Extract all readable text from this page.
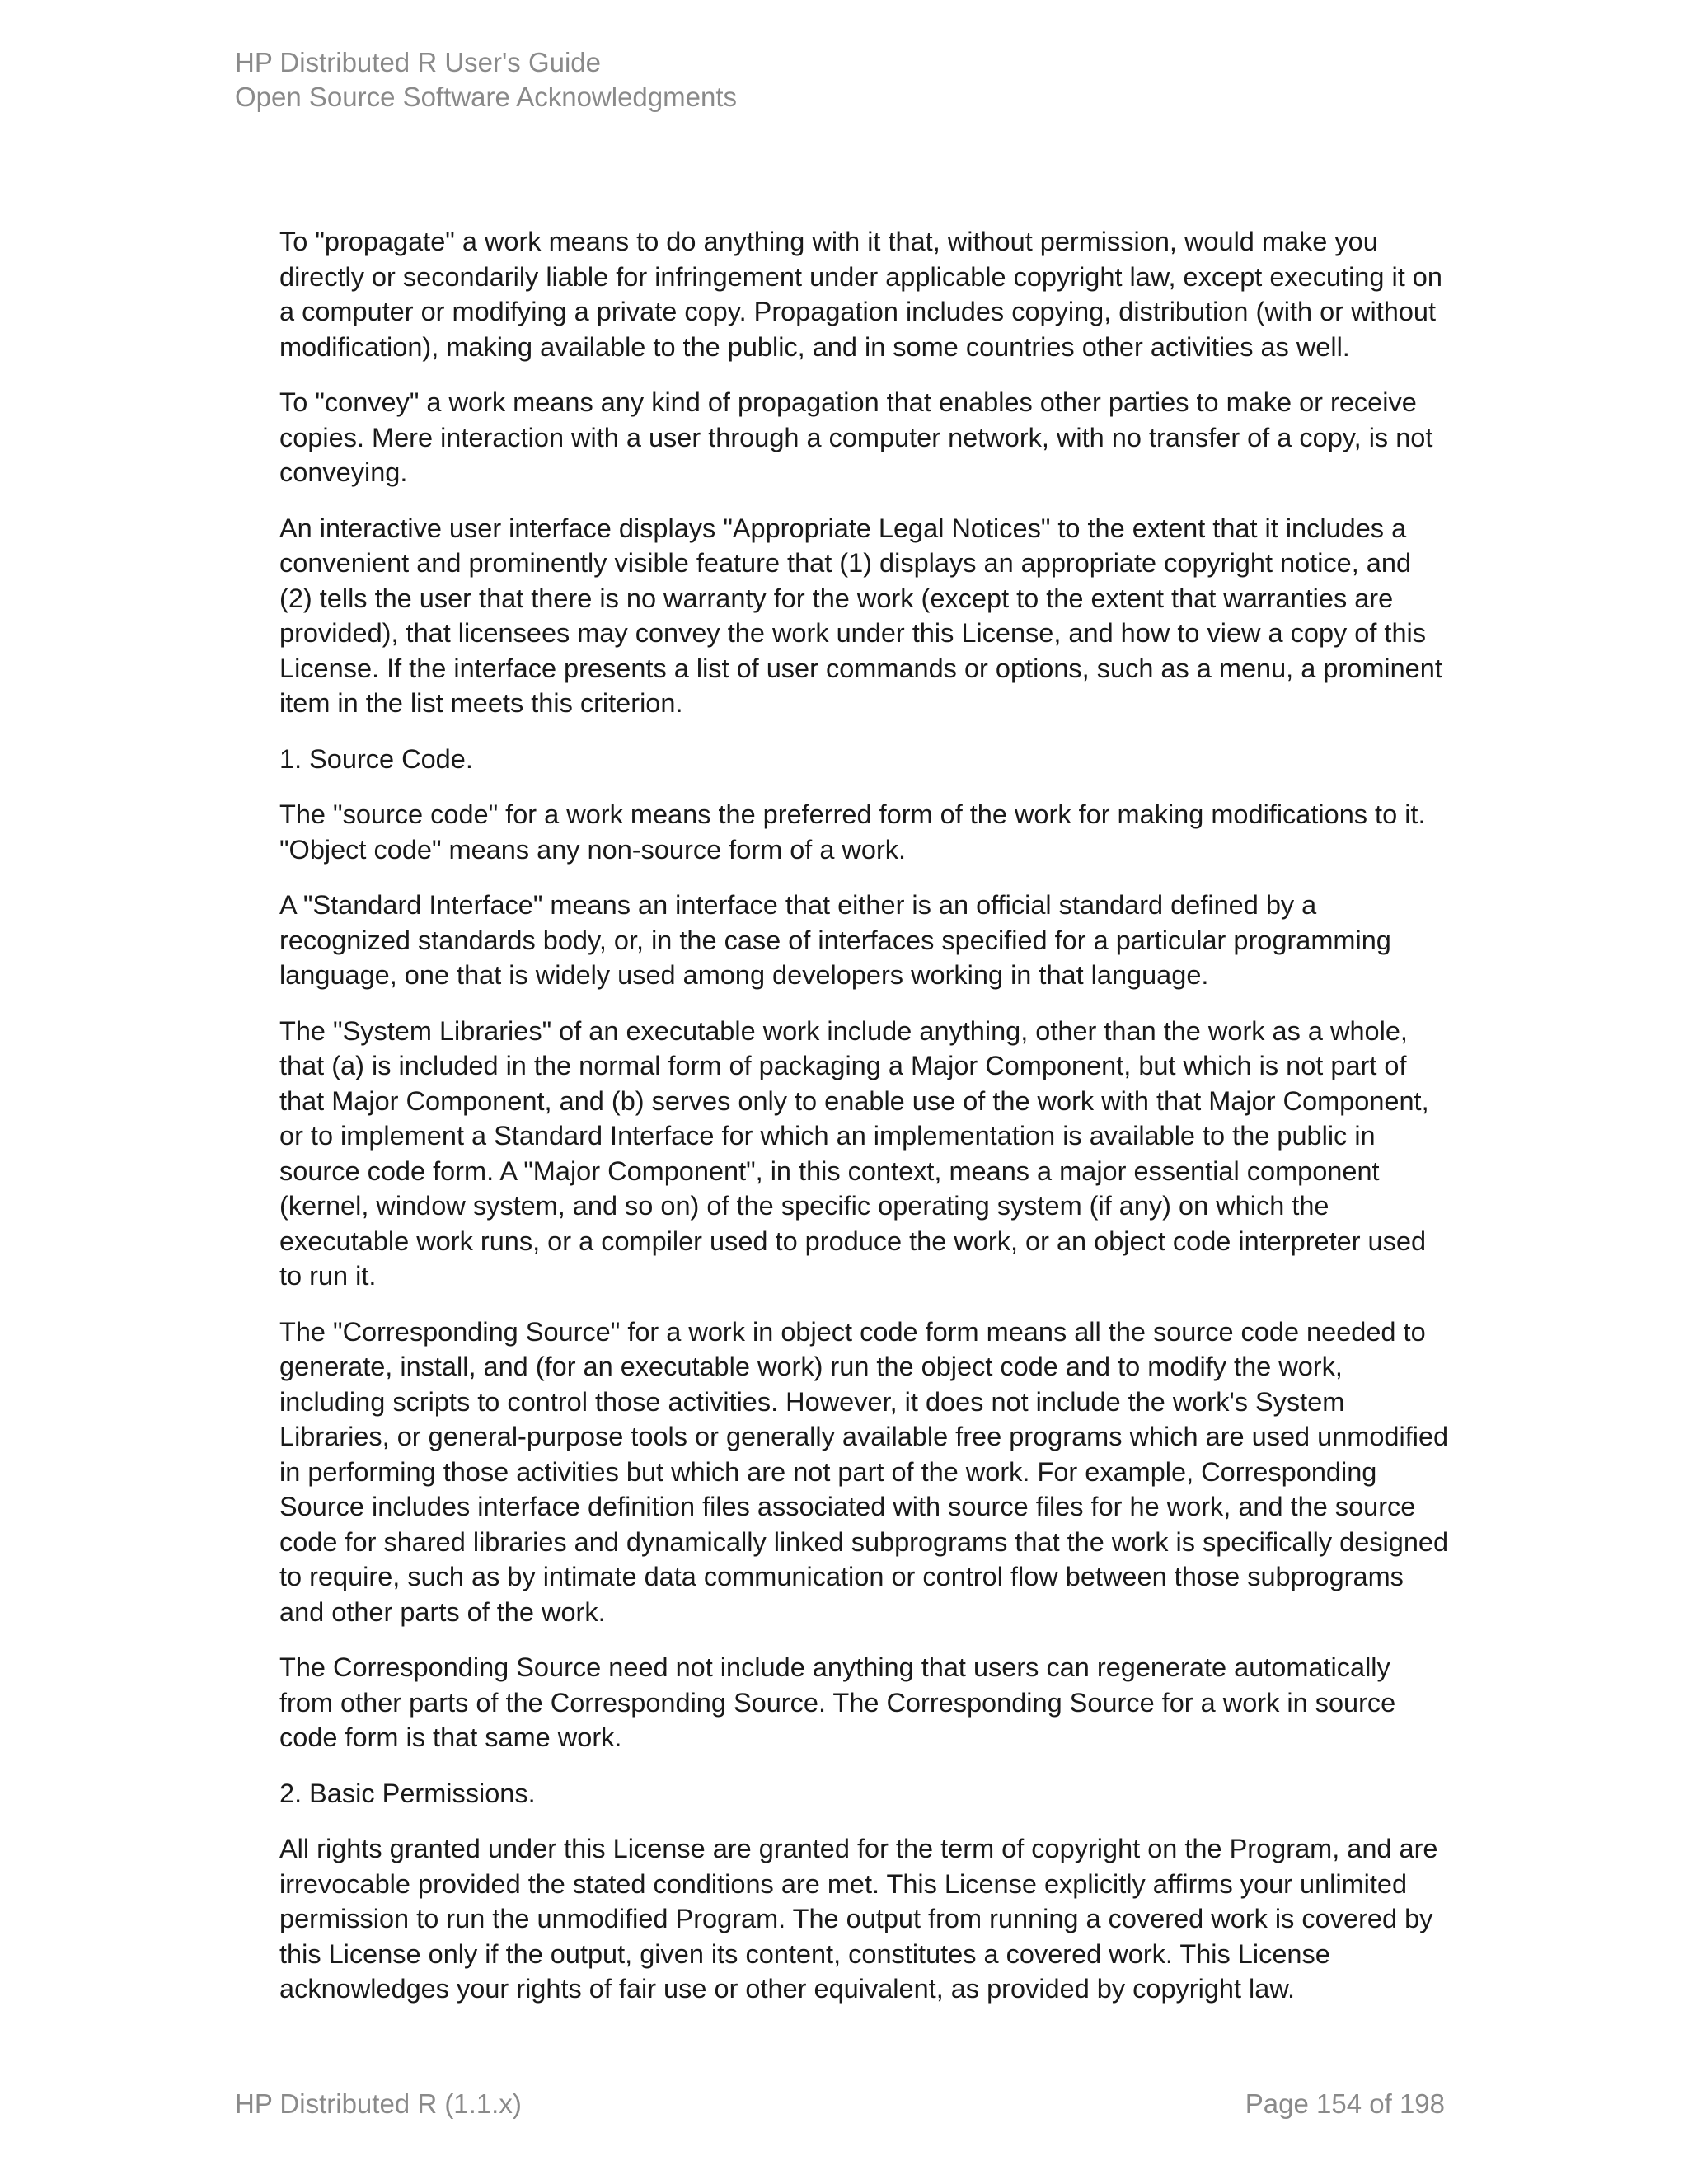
HP Distributed R User's Guide
Open Source Software Acknowledgments

To "propagate" a work means to do anything with it that, without permission, would make you directly or secondarily liable for infringement under applicable copyright law, except executing it on a computer or modifying a private copy. Propagation includes copying, distribution (with or without modification), making available to the public, and in some countries other activities as well.

To "convey" a work means any kind of propagation that enables other parties to make or receive copies. Mere interaction with a user through a computer network, with no transfer of a copy, is not conveying.

An interactive user interface displays "Appropriate Legal Notices" to the extent that it includes a convenient and prominently visible feature that (1) displays an appropriate copyright notice, and (2) tells the user that there is no warranty for the work (except to the extent that warranties are provided), that licensees may convey the work under this License, and how to view a copy of this License. If the interface presents a list of user commands or options, such as a menu, a prominent item in the list meets this criterion.

1. Source Code.

The "source code" for a work means the preferred form of the work for making modifications to it. "Object code" means any non-source form of a work.

A "Standard Interface" means an interface that either is an official standard defined by a recognized standards body, or, in the case of interfaces specified for a particular programming language, one that is widely used among developers working in that language.

The "System Libraries" of an executable work include anything, other than the work as a whole, that (a) is included in the normal form of packaging a Major Component, but which is not part of that Major Component, and (b) serves only to enable use of the work with that Major Component, or to implement a Standard Interface for which an implementation is available to the public in source code form. A "Major Component", in this context, means a major essential component (kernel, window system, and so on) of the specific operating system (if any) on which the executable work runs, or a compiler used to produce the work, or an object code interpreter used to run it.

The "Corresponding Source" for a work in object code form means all the source code needed to generate, install, and (for an executable work) run the object code and to modify the work, including scripts to control those activities. However, it does not include the work's System Libraries, or general-purpose tools or generally available free programs which are used unmodified in performing those activities but which are not part of the work. For example, Corresponding Source includes interface definition files associated with source files for he work, and the source code for shared libraries and dynamically linked subprograms that the work is specifically designed to require, such as by intimate data communication or control flow between those subprograms and other parts of the work.

The Corresponding Source need not include anything that users can regenerate automatically from other parts of the Corresponding Source. The Corresponding Source for a work in source code form is that same work.

2. Basic Permissions.

All rights granted under this License are granted for the term of copyright on the Program, and are irrevocable provided the stated conditions are met. This License explicitly affirms your unlimited permission to run the unmodified Program. The output from running a covered work is covered by this License only if the output, given its content, constitutes a covered work. This License acknowledges your rights of fair use or other equivalent, as provided by copyright law.

HP Distributed R (1.1.x)	Page 154 of 198
